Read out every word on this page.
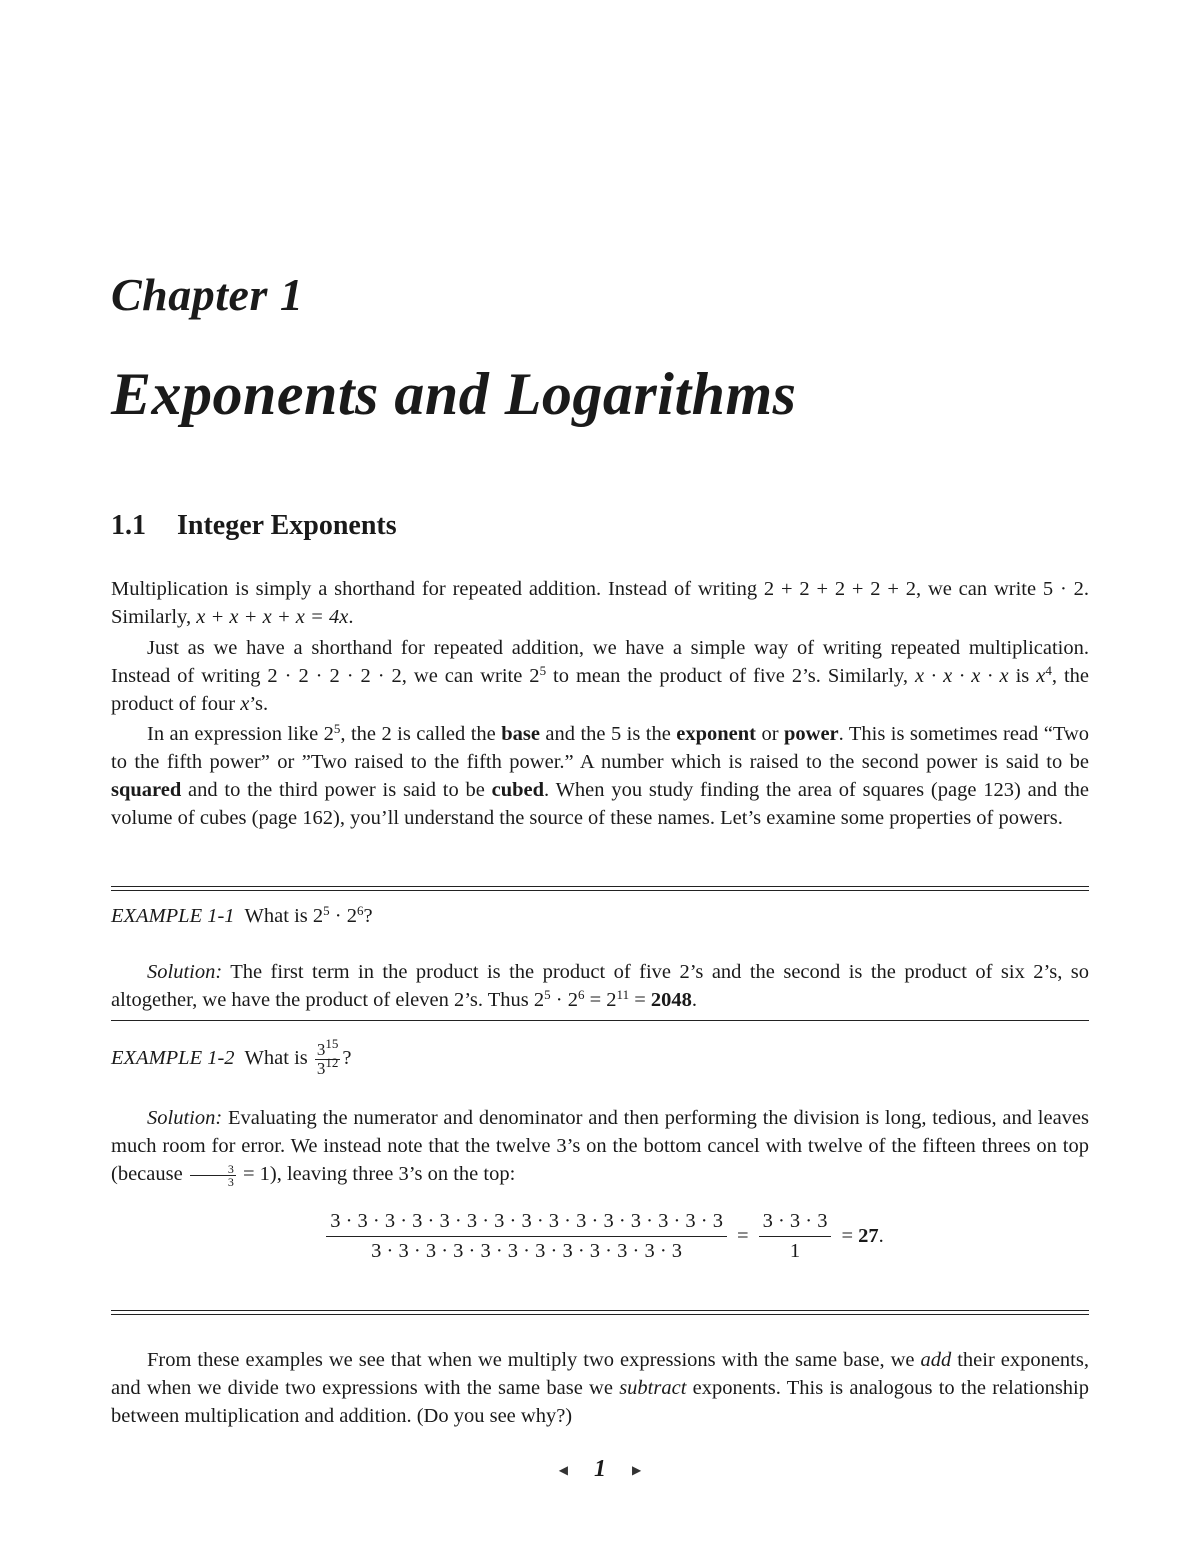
Chapter 1
Exponents and Logarithms
1.1 Integer Exponents

Multiplication is simply a shorthand for repeated addition. Instead of writing 2 + 2 + 2 + 2 + 2, we can write 5 · 2. Similarly, x + x + x + x = 4x.

Just as we have a shorthand for repeated addition, we have a simple way of writing repeated multiplication. Instead of writing 2 · 2 · 2 · 2 · 2, we can write $2^5$ to mean the product of five 2’s. Similarly, x · x · x · x is $x^4$, the product of four x’s.

In an expression like $2^5$, the 2 is called the base and the 5 is the exponent or power. This is sometimes read “Two to the fifth power” or ”Two raised to the fifth power.” A number which is raised to the second power is said to be squared and to the third power is said to be cubed. When you study finding the area of squares (page 123) and the volume of cubes (page 162), you’ll understand the source of these names. Let’s examine some properties of powers.

EXAMPLE 1-1 What is $2^5 \cdot 2^6$?

Solution: The first term in the product is the product of five 2’s and the second is the product of six 2’s, so altogether, we have the product of eleven 2’s. Thus $2^5 \cdot 2^6 = 2^{11} = 2048$.

EXAMPLE 1-2 What is $\frac{3^{15}}{3^{12}}$ ?

Solution: Evaluating the numerator and denominator and then performing the division is long, tedious, and leaves much room for error. We instead note that the twelve 3’s on the bottom cancel with twelve of the fifteen threes on top (because $\frac{3}{3} = 1$), leaving three 3’s on the top:

$\frac{3 \cdot 3 \cdot 3 \cdot 3 \cdot 3 \cdot 3 \cdot 3 \cdot 3 \cdot 3 \cdot 3 \cdot 3 \cdot 3 \cdot 3 \cdot 3 \cdot 3}{3 \cdot 3 \cdot 3 \cdot 3 \cdot 3 \cdot 3 \cdot 3 \cdot 3 \cdot 3 \cdot 3 \cdot 3 \cdot 3} = \frac{3 \cdot 3 \cdot 3}{1}$ =
27 .

From these examples we see that when we multiply two expressions with the same base, we add their exponents, and when we divide two expressions with the same base we subtract exponents. This is analogous to the relationship between multiplication and addition. (Do you see why?)

◀ 1 ▶
